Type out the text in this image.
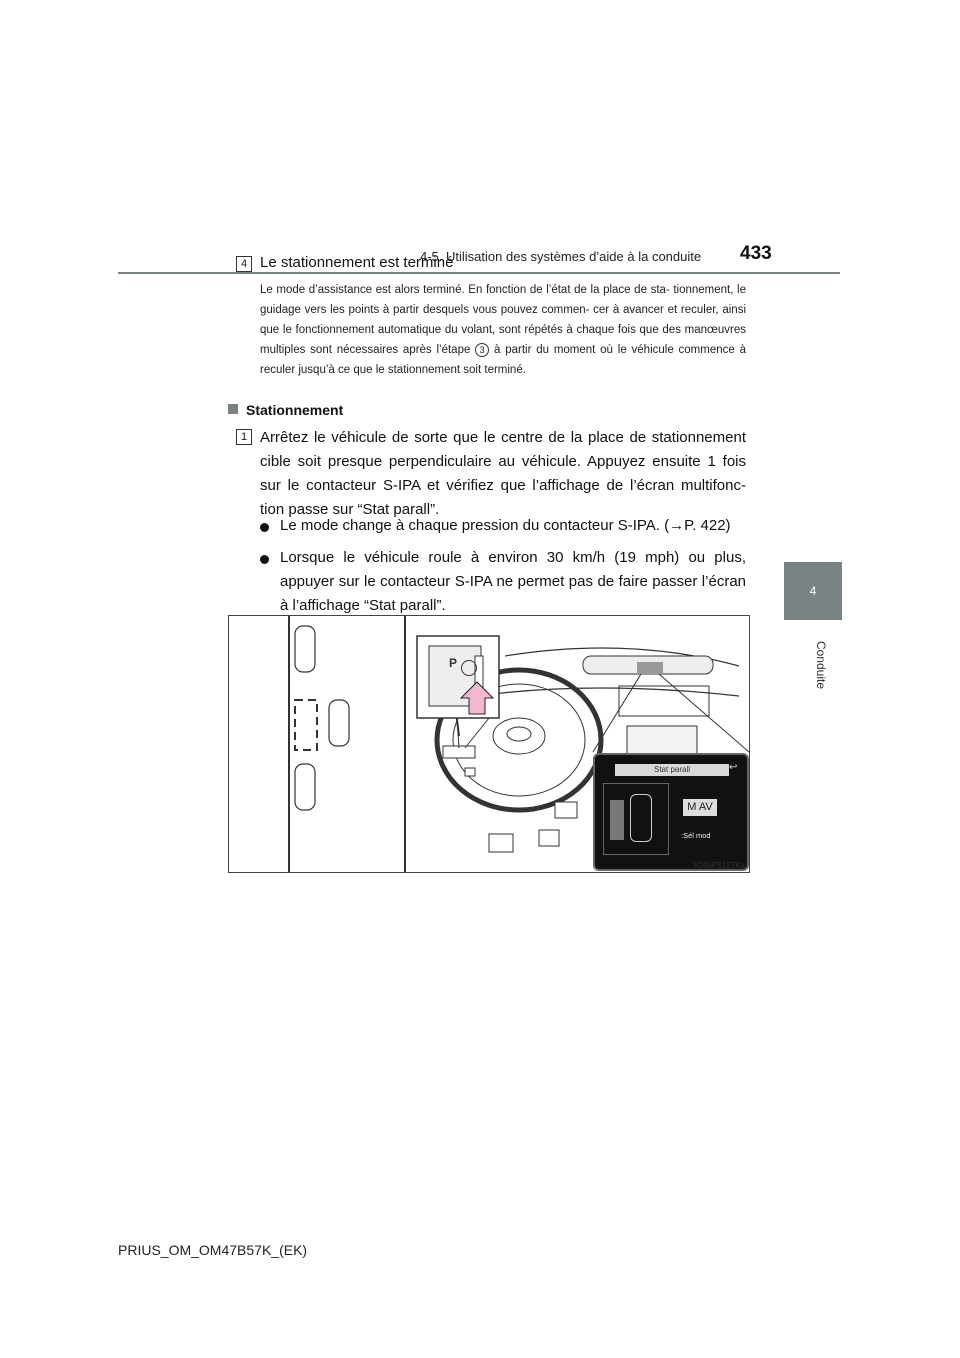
4-5. Utilisation des systèmes d’aide à la conduite 433
4
Conduite
4 Le stationnement est terminé
Le mode d’assistance est alors terminé. En fonction de l’état de la place de sta- tionnement, le guidage vers les points à partir desquels vous pouvez commen- cer à avancer et reculer, ainsi que le fonctionnement automatique du volant, sont répétés à chaque fois que des manœuvres multiples sont nécessaires après l’étape 3 à partir du moment où le véhicule commence à reculer jusqu’à ce que le stationnement soit terminé.
Stationnement
1 Arrêtez le véhicule de sorte que le centre de la place de stationnement cible soit presque perpendiculaire au véhicule. Appuyez ensuite 1 fois sur le contacteur S-IPA et vérifiez que l’affichage de l’écran multifonc- tion passe sur “Stat parall”.
Le mode change à chaque pression du contacteur S-IPA. (→P. 422)
Lorsque le véhicule roule à environ 30 km/h (19 mph) ou plus, appuyer sur le contacteur S-IPA ne permet pas de faire passer l’écran à l’affichage “Stat parall”.
P
Stat parall	↩
M AV
:Sél mod
IO45PS127Ka
PRIUS_OM_OM47B57K_(EK)
